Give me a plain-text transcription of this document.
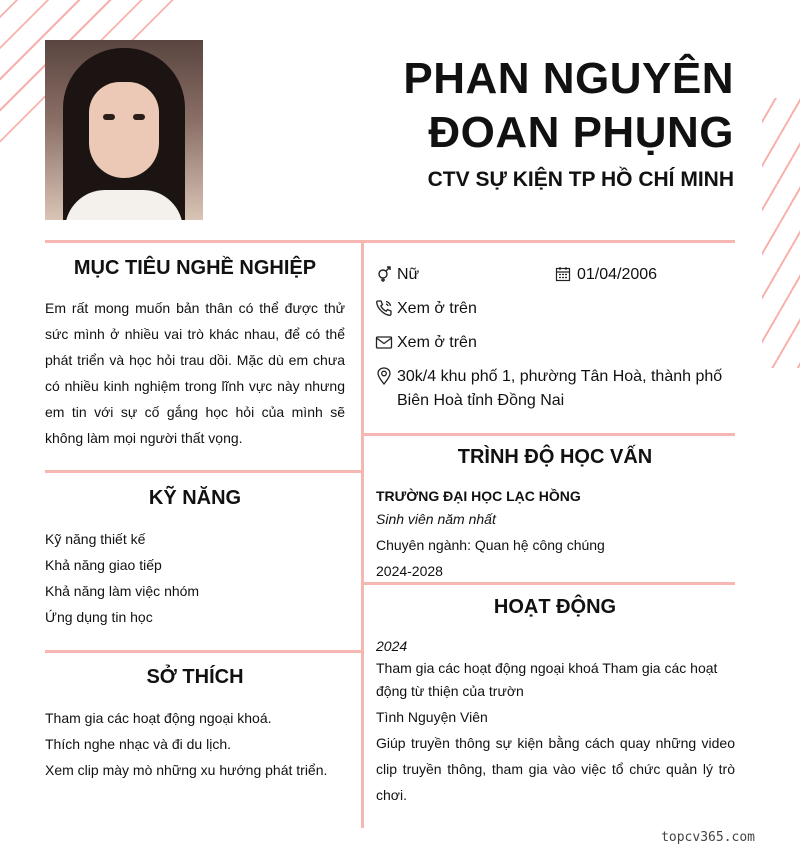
PHAN NGUYÊN
ĐOAN PHỤNG
CTV SỰ KIỆN TP HỒ CHÍ MINH
MỤC TIÊU NGHỀ NGHIỆP
Em rất mong muốn bản thân có thể được thử sức mình ở nhiều vai trò khác nhau, để có thể phát triển và học hỏi trau dồi. Mặc dù em chưa có nhiều kinh nghiệm trong lĩnh vực này nhưng em tin với sự cố gắng học hỏi của mình sẽ không làm mọi người thất vọng.
KỸ NĂNG
Kỹ năng thiết kế
Khả năng giao tiếp
Khả năng làm việc nhóm
Ứng dụng tin học
SỞ THÍCH
Tham gia các hoạt động ngoại khoá.
Thích nghe nhạc và đi du lịch.
Xem clip mày mò những xu hướng phát triển.
Nữ	01/04/2006
Xem ở trên
Xem ở trên
30k/4 khu phố 1, phường Tân Hoà, thành phố Biên Hoà tỉnh Đồng Nai
TRÌNH ĐỘ HỌC VẤN
TRƯỜNG ĐẠI HỌC LẠC HỒNG
Sinh viên năm nhất
Chuyên ngành: Quan hệ công chúng
2024-2028
HOẠT ĐỘNG
2024
Tham gia các hoạt động ngoại khoá Tham gia các hoạt động từ thiện của trườn
Tình Nguyện Viên
Giúp truyền thông sự kiện bằng cách quay những video clip truyền thông, tham gia vào việc tổ chức quản lý trò chơi.
topcv365.com
